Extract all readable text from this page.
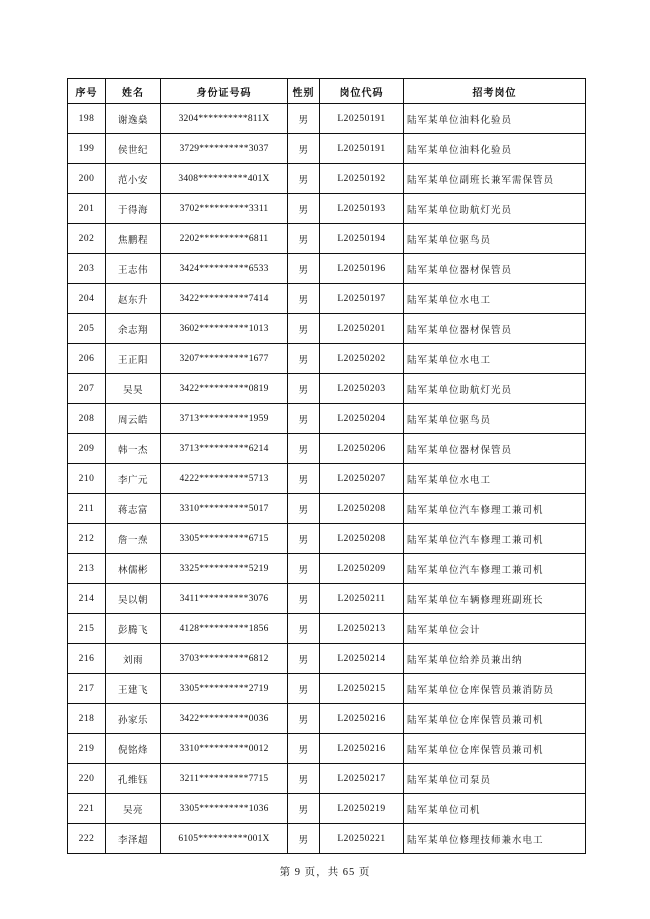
序号	姓名	身份证号码	性别	岗位代码	招考岗位
198	谢逸燊	3204**********811X	男	L20250191	陆军某单位油料化验员
199	侯世纪	3729**********3037	男	L20250191	陆军某单位油料化验员
200	范小安	3408**********401X	男	L20250192	陆军某单位副班长兼军需保管员
201	于得海	3702**********3311	男	L20250193	陆军某单位助航灯光员
202	焦鹏程	2202**********6811	男	L20250194	陆军某单位驱鸟员
203	王志伟	3424**********6533	男	L20250196	陆军某单位器材保管员
204	赵东升	3422**********7414	男	L20250197	陆军某单位水电工
205	余志翔	3602**********1013	男	L20250201	陆军某单位器材保管员
206	王正阳	3207**********1677	男	L20250202	陆军某单位水电工
207	吴昊	3422**********0819	男	L20250203	陆军某单位助航灯光员
208	周云皓	3713**********1959	男	L20250204	陆军某单位驱鸟员
209	韩一杰	3713**********6214	男	L20250206	陆军某单位器材保管员
210	李广元	4222**********5713	男	L20250207	陆军某单位水电工
211	蒋志富	3310**********5017	男	L20250208	陆军某单位汽车修理工兼司机
212	詹一焘	3305**********6715	男	L20250208	陆军某单位汽车修理工兼司机
213	林儒彬	3325**********5219	男	L20250209	陆军某单位汽车修理工兼司机
214	吴以朝	3411**********3076	男	L20250211	陆军某单位车辆修理班副班长
215	彭腾飞	4128**********1856	男	L20250213	陆军某单位会计
216	刘雨	3703**********6812	男	L20250214	陆军某单位给养员兼出纳
217	王建飞	3305**********2719	男	L20250215	陆军某单位仓库保管员兼消防员
218	孙家乐	3422**********0036	男	L20250216	陆军某单位仓库保管员兼司机
219	倪铭烽	3310**********0012	男	L20250216	陆军某单位仓库保管员兼司机
220	孔维钰	3211**********7715	男	L20250217	陆军某单位司泵员
221	吴亮	3305**********1036	男	L20250219	陆军某单位司机
222	李泽超	6105**********001X	男	L20250221	陆军某单位修理技师兼水电工
第 9 页，共 65 页
